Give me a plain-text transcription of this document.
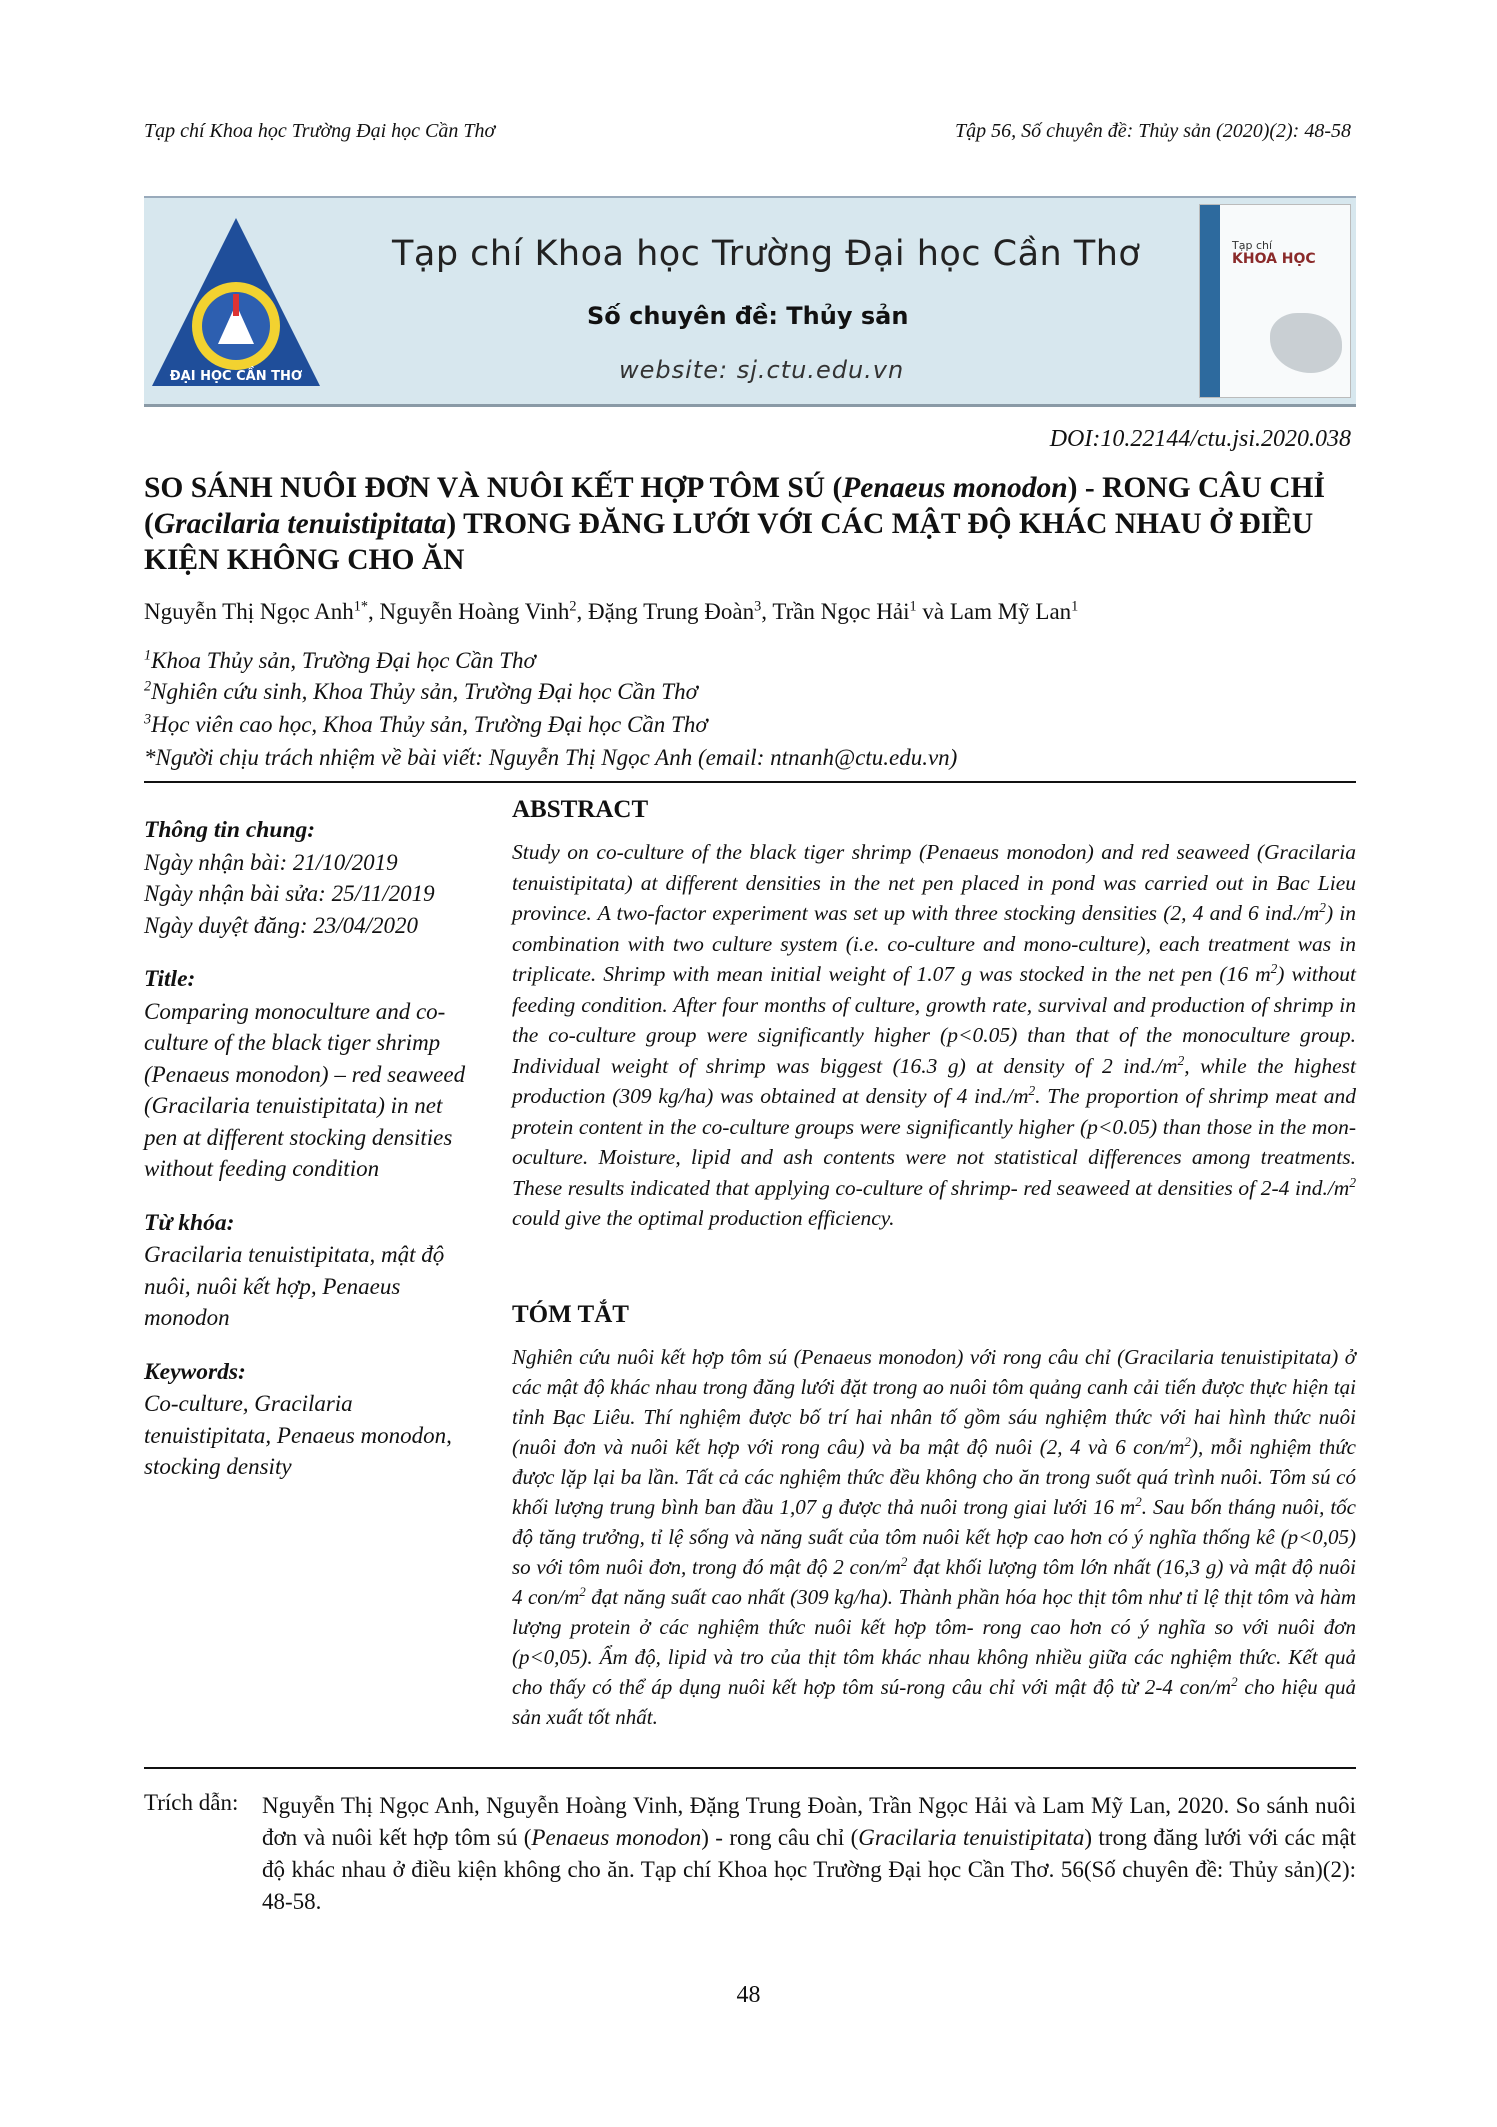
Tạp chí Khoa học Trường Đại học Cần Thơ	Tập 56, Số chuyên đề: Thủy sản (2020)(2): 48-58
ĐẠI HỌC CẦN THƠ
Tạp chí Khoa học Trường Đại học Cần Thơ
Số chuyên đề: Thủy sản
website: sj.ctu.edu.vn
Tạp chí
KHOA HỌC
DOI:10.22144/ctu.jsi.2020.038
SO SÁNH NUÔI ĐƠN VÀ NUÔI KẾT HỢP TÔM SÚ (Penaeus monodon) - RONG CÂU CHỈ (Gracilaria tenuistipitata) TRONG ĐĂNG LƯỚI VỚI CÁC MẬT ĐỘ KHÁC NHAU Ở ĐIỀU KIỆN KHÔNG CHO ĂN
Nguyễn Thị Ngọc Anh$^{1*}$, Nguyễn Hoàng Vinh$^2$, Đặng Trung Đoàn$^3$, Trần Ngọc Hải$^1$ và Lam Mỹ Lan$^1$
$^1$Khoa Thủy sản, Trường Đại học Cần Thơ
$^2$Nghiên cứu sinh, Khoa Thủy sản, Trường Đại học Cần Thơ
$^3$Học viên cao học, Khoa Thủy sản, Trường Đại học Cần Thơ
*Người chịu trách nhiệm về bài viết: Nguyễn Thị Ngọc Anh (email: ntnanh@ctu.edu.vn)
Thông tin chung:

Ngày nhận bài: 21/10/2019

Ngày nhận bài sửa: 25/11/2019

Ngày duyệt đăng: 23/04/2020

Title:

Comparing monoculture and co-culture of the black tiger shrimp (Penaeus monodon) – red seaweed (Gracilaria tenuistipitata) in net pen at different stocking densities without feeding condition

Từ khóa:

Gracilaria tenuistipitata, mật độ nuôi, nuôi kết hợp, Penaeus monodon

Keywords:

Co-culture, Gracilaria tenuistipitata, Penaeus monodon, stocking density

ABSTRACT

Study on co-culture of the black tiger shrimp (Penaeus monodon) and red seaweed (Gracilaria tenuistipitata) at different densities in the net pen placed in pond was carried out in Bac Lieu province. A two-factor experiment was set up with three stocking densities (2, 4 and 6 $ind./m^2$) in combination with two culture system (i.e. co-culture and mono-culture), each treatment was in triplicate. Shrimp with mean initial weight of 1.07 g was stocked in the net pen (16 $m^2$) without feeding condition. After four months of culture, growth rate, survival and production of shrimp in the co-culture group were significantly higher (p<0.05) than that of the monoculture group. Individual weight of shrimp was biggest (16.3 g) at density of 2 $ind./m^2$, while the highest production (309 kg/ha) was obtained at density of 4 $ind./m^2$. The proportion of shrimp meat and protein content in the co-culture groups were significantly higher (p<0.05) than those in the mon-oculture. Moisture, lipid and ash contents were not statistical differences among treatments. These results indicated that applying co-culture of shrimp- red seaweed at densities of 2-4 $ind./m^2$ could give the optimal production efficiency.

TÓM TẮT

Nghiên cứu nuôi kết hợp tôm sú (Penaeus monodon) với rong câu chỉ (Gracilaria tenuistipitata) ở các mật độ khác nhau trong đăng lưới đặt trong ao nuôi tôm quảng canh cải tiến được thực hiện tại tỉnh Bạc Liêu. Thí nghiệm được bố trí hai nhân tố gồm sáu nghiệm thức với hai hình thức nuôi (nuôi đơn và nuôi kết hợp với rong câu) và ba mật độ nuôi (2, 4 và 6 con/$m^2$), mỗi nghiệm thức được lặp lại ba lần. Tất cả các nghiệm thức đều không cho ăn trong suốt quá trình nuôi. Tôm sú có khối lượng trung bình ban đầu 1,07 g được thả nuôi trong giai lưới 16 $m^2$. Sau bốn tháng nuôi, tốc độ tăng trưởng, tỉ lệ sống và năng suất của tôm nuôi kết hợp cao hơn có ý nghĩa thống kê (p<0,05) so với tôm nuôi đơn, trong đó mật độ 2 con/$m^2$ đạt khối lượng tôm lớn nhất (16,3 g) và mật độ nuôi 4 con/$m^2$ đạt năng suất cao nhất (309 kg/ha). Thành phần hóa học thịt tôm như tỉ lệ thịt tôm và hàm lượng protein ở các nghiệm thức nuôi kết hợp tôm- rong cao hơn có ý nghĩa so với nuôi đơn (p<0,05). Ẩm độ, lipid và tro của thịt tôm khác nhau không nhiều giữa các nghiệm thức. Kết quả cho thấy có thể áp dụng nuôi kết hợp tôm sú-rong câu chỉ với mật độ từ 2-4 con/$m^2$ cho hiệu quả sản xuất tốt nhất.

Trích dẫn: Nguyễn Thị Ngọc Anh, Nguyễn Hoàng Vinh, Đặng Trung Đoàn, Trần Ngọc Hải và Lam Mỹ Lan, 2020. So sánh nuôi đơn và nuôi kết hợp tôm sú (Penaeus monodon) - rong câu chỉ (Gracilaria tenuistipitata) trong đăng lưới với các mật độ khác nhau ở điều kiện không cho ăn. Tạp chí Khoa học Trường Đại học Cần Thơ. 56(Số chuyên đề: Thủy sản)(2): 48-58.

48
